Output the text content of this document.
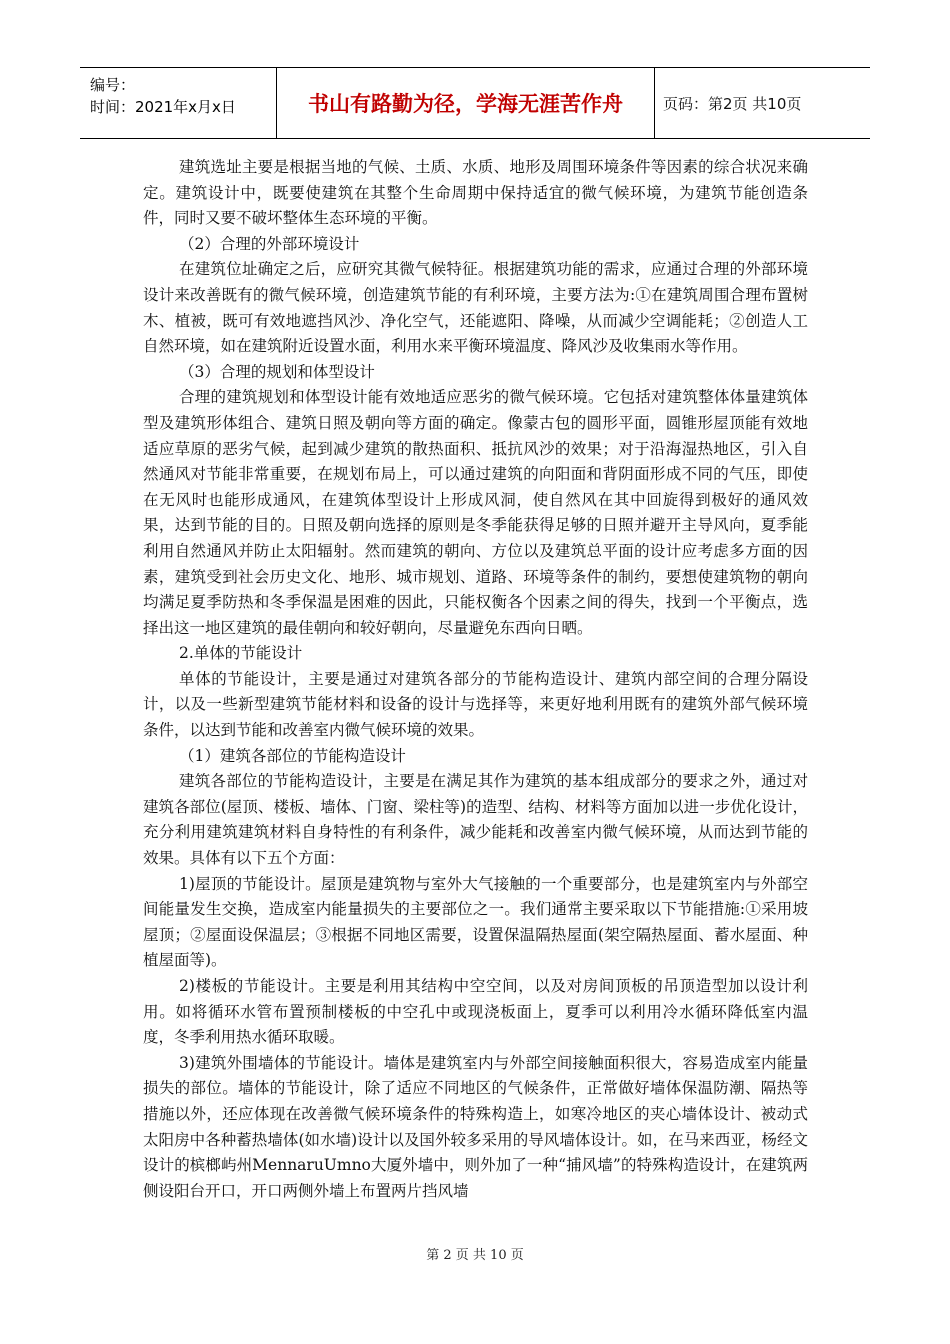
编号：
时间：2021年x月x日	书山有路勤为径，学海无涯苦作舟	页码：第2页 共10页

建筑选址主要是根据当地的气候、土质、水质、地形及周围环境条件等因素的综合状况来确定。建筑设计中，既要使建筑在其整个生命周期中保持适宜的微气候环境，为建筑节能创造条件，同时又要不破坏整体生态环境的平衡。

（2）合理的外部环境设计

在建筑位址确定之后，应研究其微气候特征。根据建筑功能的需求，应通过合理的外部环境设计来改善既有的微气候环境，创造建筑节能的有利环境，主要方法为:①在建筑周围合理布置树木、植被，既可有效地遮挡风沙、净化空气，还能遮阳、降噪，从而减少空调能耗；②创造人工自然环境，如在建筑附近设置水面，利用水来平衡环境温度、降风沙及收集雨水等作用。

（3）合理的规划和体型设计

合理的建筑规划和体型设计能有效地适应恶劣的微气候环境。它包括对建筑整体体量建筑体型及建筑形体组合、建筑日照及朝向等方面的确定。像蒙古包的圆形平面，圆锥形屋顶能有效地适应草原的恶劣气候，起到减少建筑的散热面积、抵抗风沙的效果；对于沿海湿热地区，引入自然通风对节能非常重要，在规划布局上，可以通过建筑的向阳面和背阴面形成不同的气压，即使在无风时也能形成通风，在建筑体型设计上形成风洞，使自然风在其中回旋得到极好的通风效 果，达到节能的目的。日照及朝向选择的原则是冬季能获得足够的日照并避开主导风向，夏季能利用自然通风并防止太阳辐射。然而建筑的朝向、方位以及建筑总平面的设计应考虑多方面的因素，建筑受到社会历史文化、地形、城市规划、道路、环境等条件的制约，要想使建筑物的朝向均满足夏季防热和冬季保温是困难的因此，只能权衡各个因素之间的得失，找到一个平衡点，选择出这一地区建筑的最佳朝向和较好朝向，尽量避免东西向日晒。

2.单体的节能设计

单体的节能设计，主要是通过对建筑各部分的节能构造设计、建筑内部空间的合理分隔设计，以及一些新型建筑节能材料和设备的设计与选择等，来更好地利用既有的建筑外部气候环境条件，以达到节能和改善室内微气候环境的效果。

（1）建筑各部位的节能构造设计

建筑各部位的节能构造设计，主要是在满足其作为建筑的基本组成部分的要求之外，通过对建筑各部位(屋顶、楼板、墙体、门窗、梁柱等)的造型、结构、材料等方面加以进一步优化设计，充分利用建筑建筑材料自身特性的有利条件，减少能耗和改善室内微气候环境，从而达到节能的效果。具体有以下五个方面：

1)屋顶的节能设计。屋顶是建筑物与室外大气接触的一个重要部分，也是建筑室内与外部空间能量发生交换，造成室内能量损失的主要部位之一。我们通常主要采取以下节能措施:①采用坡屋顶；②屋面设保温层；③根据不同地区需要，设置保温隔热屋面(架空隔热屋面、蓄水屋面、种植屋面等)。

2)楼板的节能设计。主要是利用其结构中空空间，以及对房间顶板的吊顶造型加以设计利用。如将循环水管布置预制楼板的中空孔中或现浇板面上，夏季可以利用冷水循环降低室内温度，冬季利用热水循环取暖。

3)建筑外围墙体的节能设计。墙体是建筑室内与外部空间接触面积很大，容易造成室内能量损失的部位。墙体的节能设计，除了适应不同地区的气候条件，正常做好墙体保温防潮、隔热等措施以外，还应体现在改善微气候环境条件的特殊构造上，如寒冷地区的夹心墙体设计、被动式太阳房中各种蓄热墙体(如水墙)设计以及国外较多采用的导风墙体设计。如，在马来西亚，杨经文设计的槟榔屿州MennaruUmno大厦外墙中，则外加了一种“捕风墙”的特殊构造设计，在建筑两侧设阳台开口，开口两侧外墙上布置两片挡风墙

第 2 页 共 10 页
